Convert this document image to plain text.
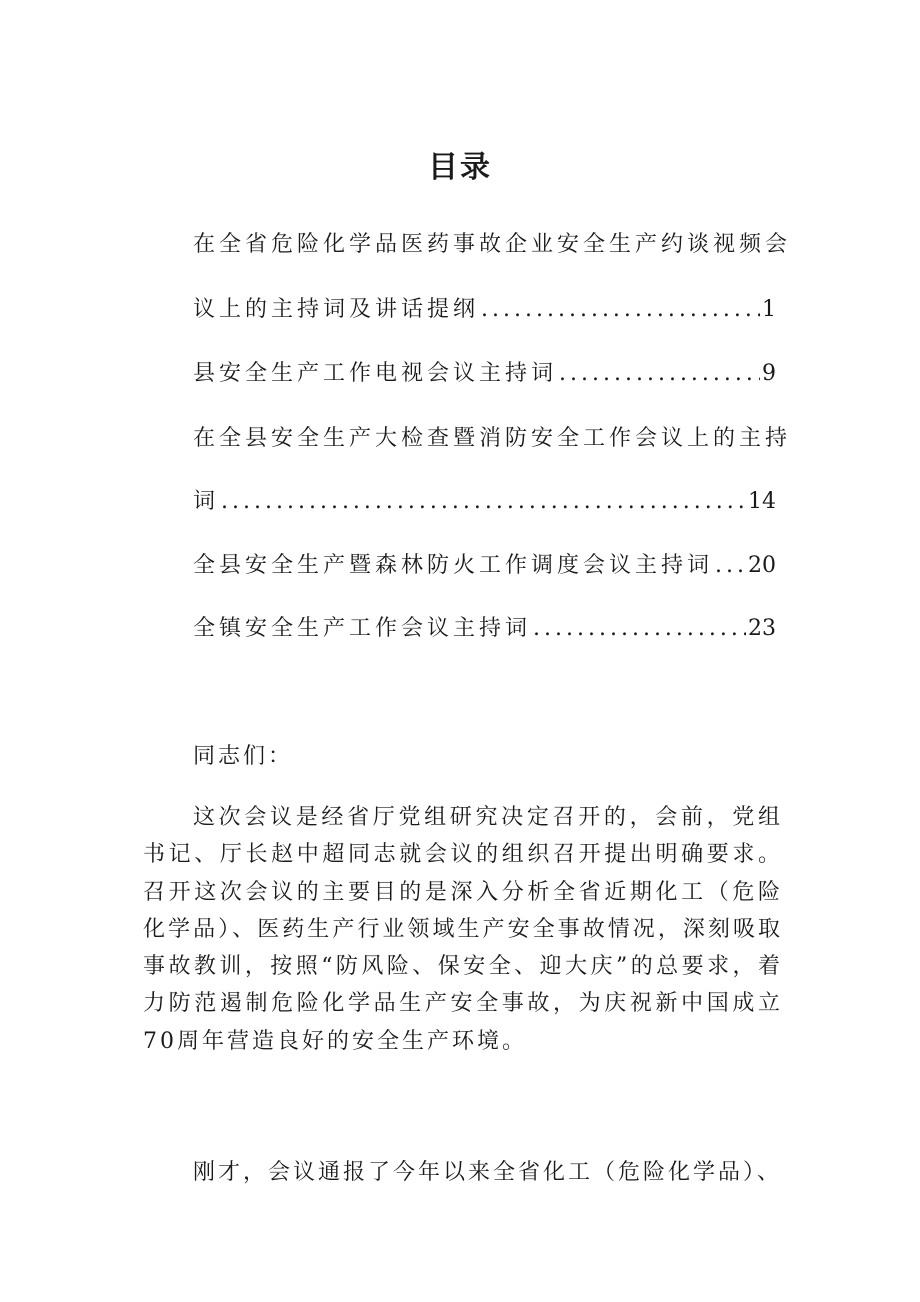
目录
在全省危险化学品医药事故企业安全生产约谈视频会
议上的主持词及讲话提纲 .....	1
县安全生产工作电视会议主持词 .....	9
在全县安全生产大检查暨消防安全工作会议上的主持
词 .....	14
全县安全生产暨森林防火工作调度会议主持词 ..... 20
全镇安全生产工作会议主持词 .....	23
同志们：
这次会议是经省厅党组研究决定召开的，会前，党组书记、厅长赵中超同志就会议的组织召开提出明确要求。召开这次会议的主要目的是深入分析全省近期化工（危险化学品）、医药生产行业领域生产安全事故情况，深刻吸取事故教训，按照“防风险、保安全、迎大庆”的总要求，着力防范遏制危险化学品生产安全事故，为庆祝新中国成立70周年营造良好的安全生产环境。
刚才，会议通报了今年以来全省化工（危险化学品）、
